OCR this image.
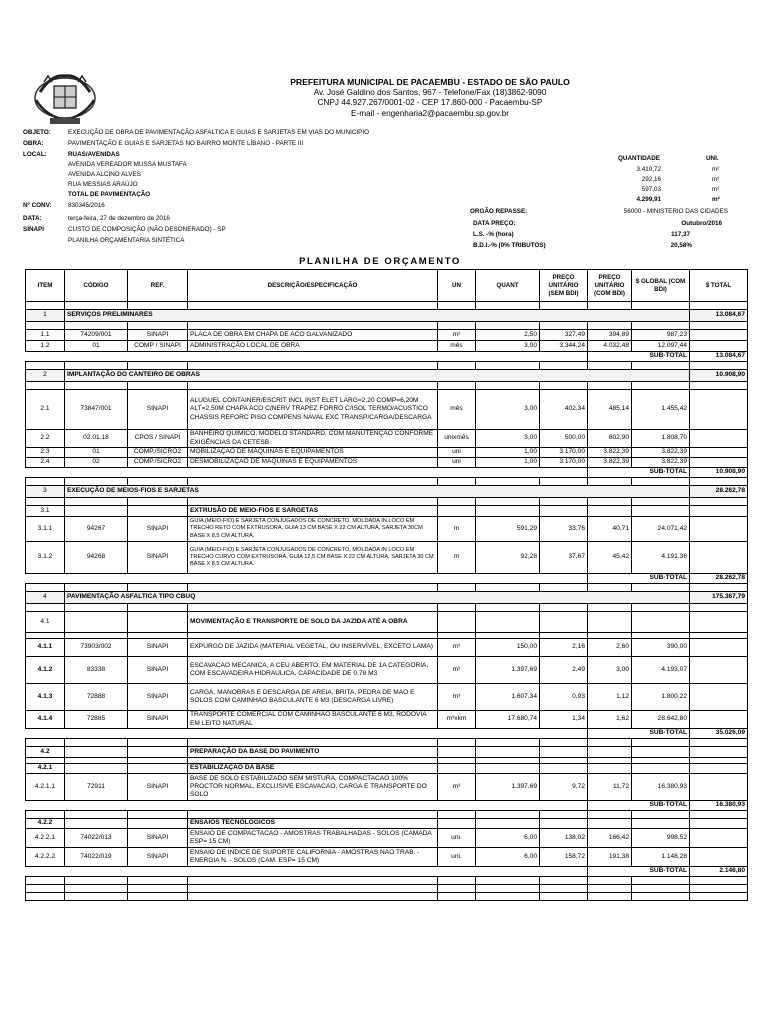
PREFEITURA MUNICIPAL DE PACAEMBU - ESTADO DE SÃO PAULO
Av. José Galdino dos Santos, 967 - Telefone/Fax (18)3862-9090
CNPJ 44.927.267/0001-02 - CEP 17.860-000 - Pacaembu-SP
E-mail - engenharia2@pacaembu.sp.gov.br
OBJETO:	EXECUÇÃO DE OBRA DE PAVIMENTAÇÃO ASFALTICA E GUIAS E SARJETAS EM VIAS DO MUNICIPIO
OBRA:	PAVIMENTAÇÃO E GUIAS E SARJETAS NO BAIRRO MONTE LÍBANO - PARTE III
LOCAL:	RUAS/AVENIDAS
AVENIDA VEREADOR MUSSA MUSTAFA
AVENIDA ALCINO ALVES
RUA MESSIAS ARAÚJO
TOTAL DE PAVIMENTAÇÃO
Nº CONV:	830345/2016
DATA:	terça-feira, 27 de dezembro de 2016
SINAPI	CUSTO DE COMPOSIÇÃO (NÃO DESONERADO) - SP
PLANILHA ORÇAMENTARIA SINTÉTICA
QUANTIDADE	UNI.
3.410,72	m²
292,16	m²
597,03	m²
4.299,91	m²
ORGÃO REPASSE:	56000 - MINISTERIO DAS CIDADES
DATA PREÇO:	Outubro/2016
L.S. -% (hora)	117,37
B.D.I.-% (0% TRIBUTOS)	20,58%
PLANILHA DE ORÇAMENTO
ITEM	CÓDIGO	REF.	DESCRIÇÃO/ESPECIFICAÇÃO	UN	QUANT	PREÇO UNITÁRIO (SEM BDI)	PREÇO UNITÁRIO (COM BDI)	$ GLOBAL (COM BDI)	$ TOTAL

1	SERVIÇOS PRELIMINARES								13.084,67

1.1	74209/001	SINAPI	PLACA DE OBRA EM CHAPA DE ACO GALVANIZADO	m²	2,50	327,49	394,89	987,23	
1.2	01	COMP / SINAPI	ADMINISTRAÇÃO LOCAL DE OBRA	mês	3,00	3.344,24	4.032,48	12.097,44	
							SUB-TOTAL		13.084,67

2	IMPLANTAÇÃO DO CANTEIRO DE OBRAS								10.908,90

2.1	73847/001	SINAPI	ALUGUEL CONTAINER/ESCRIT INCL INST ELET LARG=2,20 COMP=6,20M ALT=2,50M CHAPA ACO C/NERV TRAPEZ FORRO C/ISOL TERMO/ACUSTICO CHASSIS REFORC PISO COMPENS NAVAL EXC TRANSP/CARGA/DESCARGA	mês	3,00	402,34	485,14	1.455,42	
2.2	02.01.18	CPOS / SINAPI	BANHEIRO QUÍMICO, MODELO STANDARD, COM MANUTENÇÃO CONFORME EXIGÊNCIAS DA CETESB	unixmês	3,00	500,00	602,90	1.808,70	
2.3	01	COMP./SICRO2	MOBILIZAÇÃO DE MÁQUINAS E EQUIPAMENTOS	uni	1,00	3.170,00	3.822,39	3.822,39	
2.4	02	COMP./SICRO2	DESMOBILIZAÇÃO DE MÁQUINAS E EQUIPAMENTOS	uni	1,00	3.170,00	3.822,39	3.822,39	
							SUB-TOTAL		10.908,90

3	EXECUÇÃO DE MEIOS-FIOS E SARJETAS								28.262,78

3.1			EXTRUSÃO DE MEIO-FIOS E SARGETAS						
3.1.1	94267	SINAPI	GUIA (MEIO-FIO) E SARJETA CONJUGADOS DE CONCRETO, MOLDADA IN LOCO EM TRECHO RETO COM EXTRUSORA, GUIA 13 CM BASE X 22 CM ALTURA, SARJETA 30CM BASE X 8,5 CM ALTURA.	m	591,29	33,76	40,71	24.071,42	
3.1.2	94268	SINAPI	GUIA (MEIO-FIO) E SARJETA CONJUGADOS DE CONCRETO, MOLDADA IN LOCO EM TRECHO CURVO COM EXTRUSORA, GUIA 12,5 CM BASE X 22 CM ALTURA, SARJETA 30 CM BASE X 8,5 CM ALTURA.	m	92,28	37,67	45,42	4.191,36	
							SUB-TOTAL		28.262,78

4	PAVIMENTAÇÃO ASFALTICA TIPO CBUQ								175.367,79

4.1			MOVIMENTAÇÃO E TRANSPORTE DE SOLO DA JAZIDA ATÉ A OBRA						

4.1.1	73903/002	SINAPI	EXPURGO DE JAZIDA (MATERIAL VEGETAL, OU INSERVÍVEL, EXCETO LAMA)	m³	150,00	2,16	2,60	390,00	
4.1.2	83338	SINAPI	ESCAVACAO MECANICA, A CEU ABERTO, EM MATERIAL DE 1A CATEGORIA, COM ESCAVADEIRA HIDRAULICA, CAPACIDADE DE 0,78 M3	m³	1.397,69	2,49	3,00	4.193,07	
4.1.3	72888	SINAPI	CARGA, MANOBRAS E DESCARGA DE AREIA, BRITA, PEDRA DE MAO E SOLOS COM CAMINHAO BASCULANTE 6 M3 (DESCARGA LIVRE)	m³	1.607,34	0,93	1,12	1.800,22	
4.1.4	72885	SINAPI	TRANSPORTE COMERCIAL COM CAMINHAO BASCULANTE 6 M3, RODOVIA EM LEITO NATURAL	m³xkm	17.680,74	1,34	1,62	28.642,80	
							SUB-TOTAL		35.026,09

4.2			PREPARAÇÃO DA BASE DO PAVIMENTO						

4.2.1			ESTABILIZAÇÃO DA BASE						
4.2.1.1	72911	SINAPI	BASE DE SOLO ESTABILIZADO SEM MISTURA, COMPACTACAO 100% PROCTOR NORMAL, EXCLUSIVE ESCAVACAO, CARGA E TRANSPORTE DO SOLO	m³	1.397,69	9,72	11,72	16.380,93	
							SUB-TOTAL		16.380,93

4.2.2			ENSAIOS TECNOLÓGICOS						
4.2.2.1	74022/013	SINAPI	ENSAIO DE COMPACTACAO - AMOSTRAS TRABALHADAS - SOLOS (CAMADA ESP= 15 CM)	uni.	6,00	138,02	166,42	998,52	
4.2.2.2	74022/019	SINAPI	ENSAIO DE INDICE DE SUPORTE CALIFORNIA - AMOSTRAS NAO TRAB. - ENERGIA N. - SOLOS (CAM. ESP= 15 CM)	uni.	6,00	158,72	191,38	1.148,28	
							SUB-TOTAL		2.146,80
